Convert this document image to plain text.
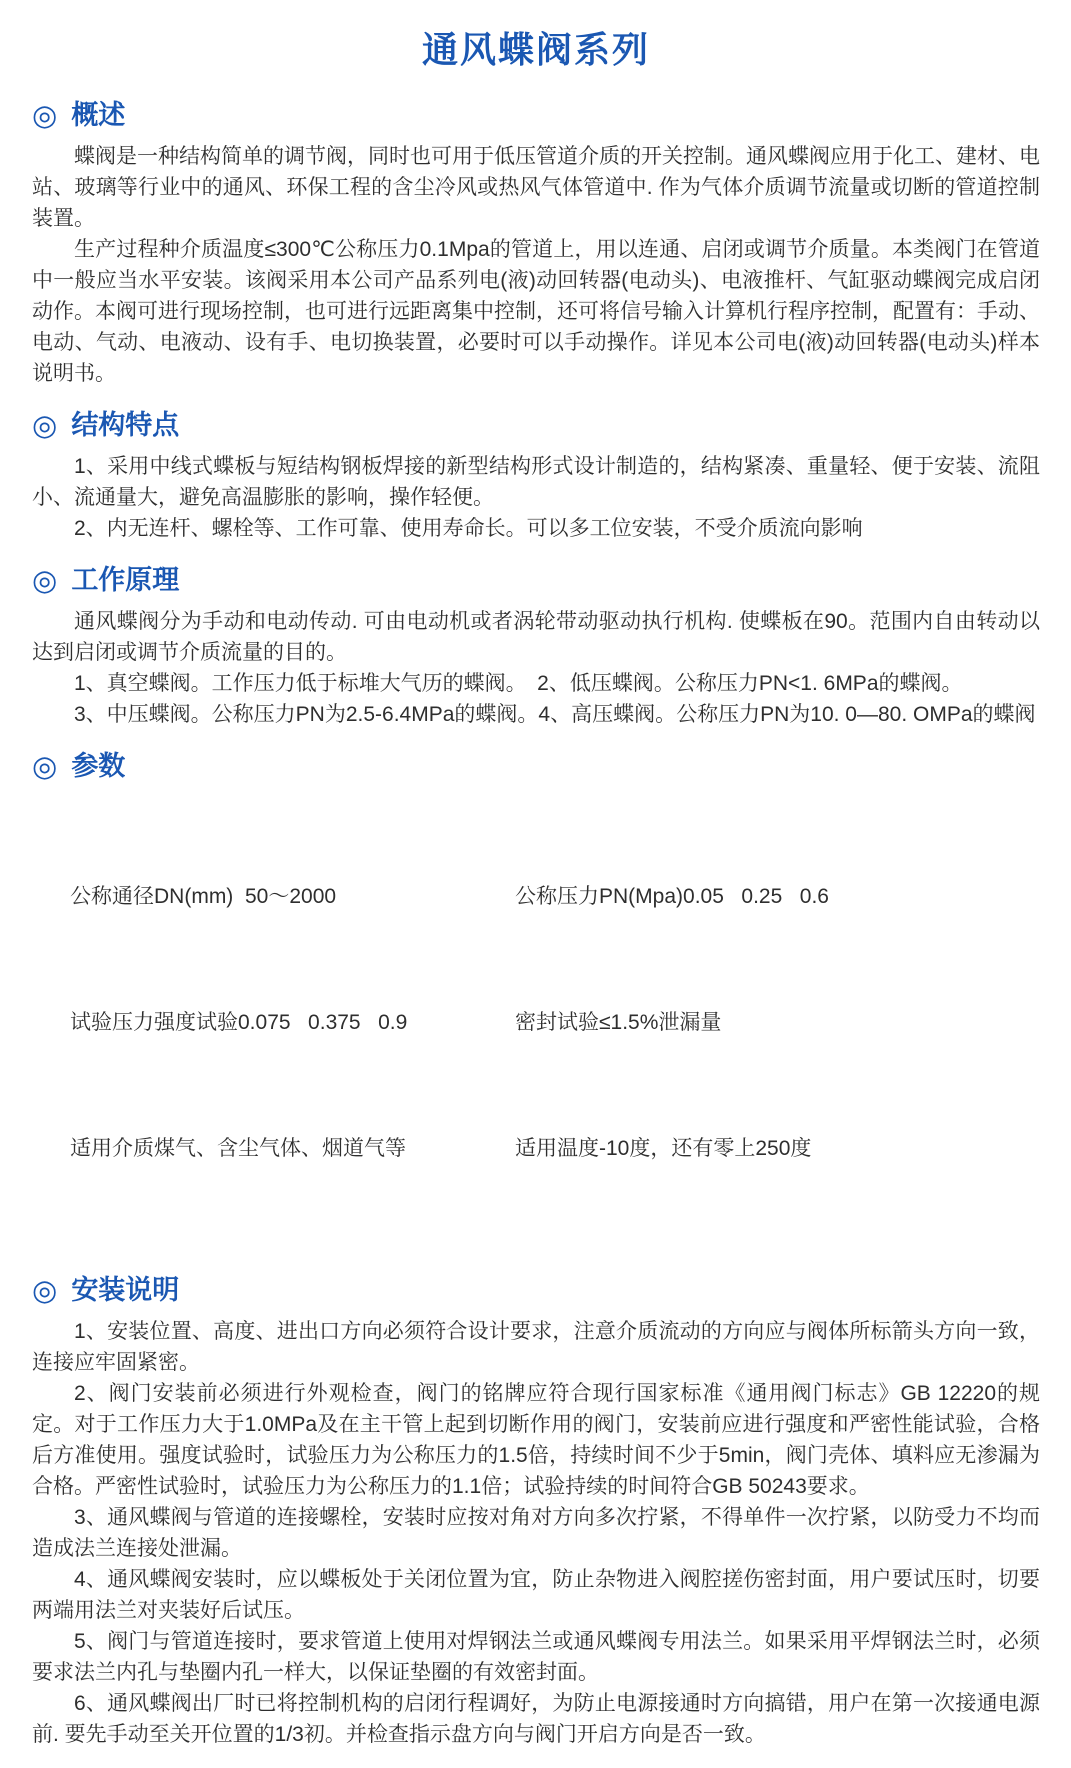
通风蝶阀系列
◎ 概述

蝶阀是一种结构简单的调节阀，同时也可用于低压管道介质的开关控制。通风蝶阀应用于化工、建材、电站、玻璃等行业中的通风、环保工程的含尘冷风或热风气体管道中. 作为气体介质调节流量或切断的管道控制装置。

生产过程种介质温度≤300℃公称压力0.1Mpa的管道上，用以连通、启闭或调节介质量。本类阀门在管道中一般应当水平安装。该阀采用本公司产品系列电(液)动回转器(电动头)、电液推杆、气缸驱动蝶阀完成启闭动作。本阀可进行现场控制，也可进行远距离集中控制，还可将信号输入计算机行程序控制，配置有：手动、电动、气动、电液动、设有手、电切换装置，必要时可以手动操作。详见本公司电(液)动回转器(电动头)样本说明书。

◎ 结构特点

1、采用中线式蝶板与短结构钢板焊接的新型结构形式设计制造的，结构紧凑、重量轻、便于安装、流阻小、流通量大，避免高温膨胀的影响，操作轻便。

2、内无连杆、螺栓等、工作可靠、使用寿命长。可以多工位安装，不受介质流向影响

◎ 工作原理

通风蝶阀分为手动和电动传动. 可由电动机或者涡轮带动驱动执行机构. 使蝶板在90。范围内自由转动以达到启闭或调节介质流量的目的。

1、真空蝶阀。工作压力低于标堆大气历的蝶阀。　2、低压蝶阀。公称压力PN<1. 6MPa的蝶阀。

3、中压蝶阀。公称压力PN为2.5-6.4MPa的蝶阀。4、高压蝶阀。公称压力PN为10. 0—80. OMPa的蝶阀

◎ 参数

公称通径DN(mm)  50～2000

试验压力强度试验0.075   0.375   0.9

适用介质煤气、含尘气体、烟道气等

公称压力PN(Mpa)0.05   0.25   0.6

密封试验≤1.5%泄漏量

适用温度-10度，还有零上250度

◎ 安装说明

1、安装位置、高度、进出口方向必须符合设计要求，注意介质流动的方向应与阀体所标箭头方向一致，连接应牢固紧密。

2、阀门安装前必须进行外观检查，阀门的铭牌应符合现行国家标准《通用阀门标志》GB 12220的规定。对于工作压力大于1.0MPa及在主干管上起到切断作用的阀门，安装前应进行强度和严密性能试验，合格后方准使用。强度试验时，试验压力为公称压力的1.5倍，持续时间不少于5min，阀门壳体、填料应无渗漏为合格。严密性试验时，试验压力为公称压力的1.1倍；试验持续的时间符合GB 50243要求。

3、通风蝶阀与管道的连接螺栓，安装时应按对角对方向多次拧紧，不得单件一次拧紧，以防受力不均而造成法兰连接处泄漏。

4、通风蝶阀安装时，应以蝶板处于关闭位置为宜，防止杂物进入阀腔搓伤密封面，用户要试压时，切要两端用法兰对夹装好后试压。

5、阀门与管道连接时，要求管道上使用对焊钢法兰或通风蝶阀专用法兰。如果采用平焊钢法兰时，必须要求法兰内孔与垫圈内孔一样大，以保证垫圈的有效密封面。

6、通风蝶阀出厂时已将控制机构的启闭行程调好，为防止电源接通时方向搞错，用户在第一次接通电源前. 要先手动至关开位置的1/3初。并检查指示盘方向与阀门开启方向是否一致。
